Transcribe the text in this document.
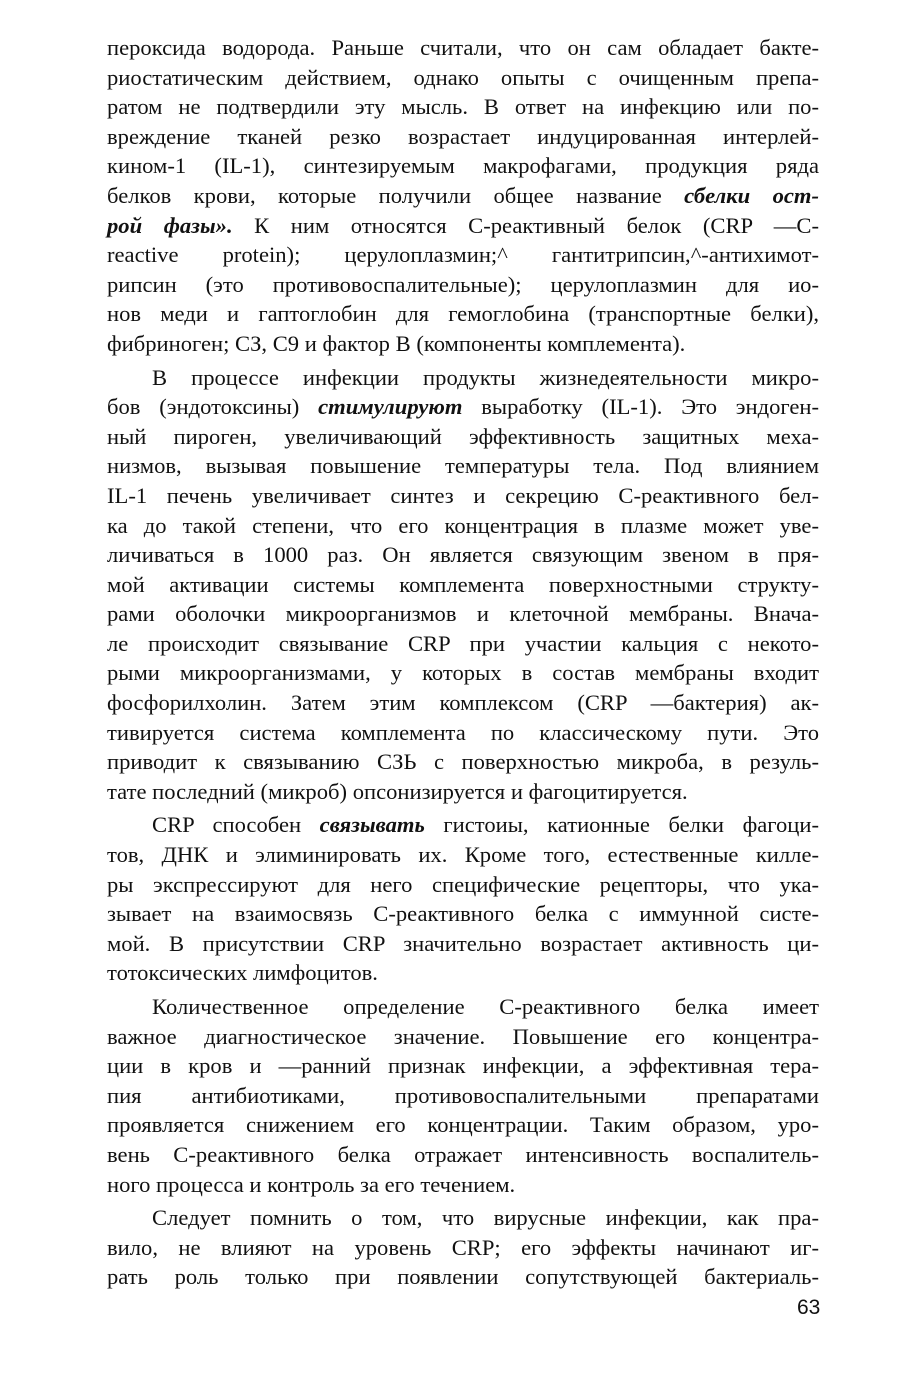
пероксида водорода. Раньше считали, что он сам обладает бакте-
риостатическим действием, однако опыты с очищенным препа-
ратом не подтвердили эту мысль. В ответ на инфекцию или по-
вреждение тканей резко возрастает индуцированная интерлей-
кином-1 (IL-1), синтезируемым макрофагами, продукция ряда
белков крови, которые получили общее название сбелки ост-
рой фазы». К ним относятся С-реактивный белок (CRP —С-
reactive protein); церулоплазмин;^ гантитрипсин,^-антихимот-
рипсин (это противовоспалительные); церулоплазмин для ио-
нов меди и гаптоглобин для гемоглобина (транспортные белки),
фибриноген; СЗ, С9 и фактор В (компоненты комплемента).
В процессе инфекции продукты жизнедеятельности микро-
бов (эндотоксины) стимулируют выработку (IL-1). Это эндоген-
ный пироген, увеличивающий эффективность защитных меха-
низмов, вызывая повышение температуры тела. Под влиянием
IL-1 печень увеличивает синтез и секрецию С-реактивного бел-
ка до такой степени, что его концентрация в плазме может уве-
личиваться в 1000 раз. Он является связующим звеном в пря-
мой активации системы комплемента поверхностными структу-
рами оболочки микроорганизмов и клеточной мембраны. Внача-
ле происходит связывание CRP при участии кальция с некото-
рыми микроорганизмами, у которых в состав мембраны входит
фосфорилхолин. Затем этим комплексом (CRP —бактерия) ак-
тивируется система комплемента по классическому пути. Это
приводит к связыванию СЗЬ с поверхностью микроба, в резуль-
тате последний (микроб) опсонизируется и фагоцитируется.
CRP способен связывать гистоиы, катионные белки фагоци-
тов, ДНК и элиминировать их. Кроме того, естественные килле-
ры экспрессируют для него специфические рецепторы, что ука-
зывает на взаимосвязь С-реактивного белка с иммунной систе-
мой. В присутствии CRP значительно возрастает активность ци-
тотоксических лимфоцитов.
Количественное определение С-реактивного белка имеет
важное диагностическое значение. Повышение его концентра-
ции в кров и —ранний признак инфекции, а эффективная тера-
пия антибиотиками, противовоспалительными препаратами
проявляется снижением его концентрации. Таким образом, уро-
вень С-реактивного белка отражает интенсивность воспалитель-
ного процесса и контроль за его течением.
Следует помнить о том, что вирусные инфекции, как пра-
вило, не влияют на уровень CRP; его эффекты начинают иг-
рать роль только при появлении сопутствующей бактериаль-
63
